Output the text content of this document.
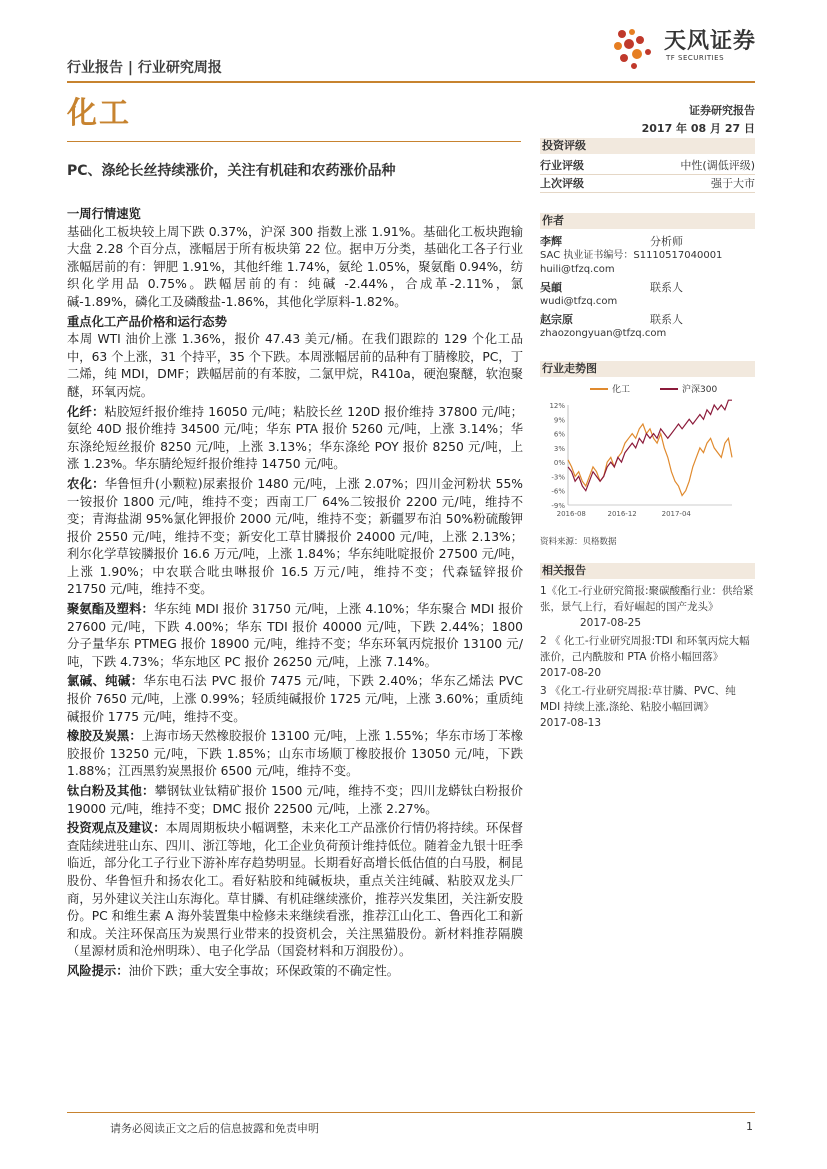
行业报告 | 行业研究周报
天风证券
TF SECURITIES
化工	证券研究报告
2017 年 08 月 27 日
PC、涤纶长丝持续涨价，关注有机硅和农药涨价品种
一周行情速览

基础化工板块较上周下跌 0.37%，沪深 300 指数上涨 1.91%。基础化工板块跑输大盘 2.28 个百分点，涨幅居于所有板块第 22 位。据申万分类，基础化工各子行业涨幅居前的有：钾肥 1.91%，其他纤维 1.74%，氨纶 1.05%，聚氨酯 0.94%，纺织化学用品 0.75%。跌幅居前的有：纯碱 -2.44%，合成革-2.11%，氯碱-1.89%，磷化工及磷酸盐-1.86%，其他化学原料-1.82%。

重点化工产品价格和运行态势

本周 WTI 油价上涨 1.36%，报价 47.43 美元/桶。在我们跟踪的 129 个化工品中，63 个上涨，31 个持平，35 个下跌。本周涨幅居前的品种有丁腈橡胶，PC，丁二烯，纯 MDI，DMF；跌幅居前的有苯胺，二氯甲烷，R410a，硬泡聚醚，软泡聚醚，环氧丙烷。

化纤：粘胶短纤报价维持 16050 元/吨；粘胶长丝 120D 报价维持 37800 元/吨；氨纶 40D 报价维持 34500 元/吨；华东 PTA 报价 5260 元/吨，上涨 3.14%；华东涤纶短丝报价 8250 元/吨，上涨 3.13%；华东涤纶 POY 报价 8250 元/吨，上涨 1.23%。华东腈纶短纤报价维持 14750 元/吨。

农化：华鲁恒升(小颗粒)尿素报价 1480 元/吨，上涨 2.07%；四川金河粉状 55%一铵报价 1800 元/吨，维持不变；西南工厂 64%二铵报价 2200 元/吨，维持不变；青海盐湖 95%氯化钾报价 2000 元/吨，维持不变；新疆罗布泊 50%粉硫酸钾报价 2550 元/吨，维持不变；新安化工草甘膦报价 24000 元/吨，上涨 2.13%；利尔化学草铵膦报价 16.6 万元/吨，上涨 1.84%；华东纯吡啶报价 27500 元/吨，上涨 1.90%；中农联合吡虫啉报价 16.5 万元/吨，维持不变；代森锰锌报价 21750 元/吨，维持不变。

聚氨酯及塑料：华东纯 MDI 报价 31750 元/吨，上涨 4.10%；华东聚合 MDI 报价 27600 元/吨，下跌 4.00%；华东 TDI 报价 40000 元/吨，下跌 2.44%；1800 分子量华东 PTMEG 报价 18900 元/吨，维持不变；华东环氧丙烷报价 13100 元/吨，下跌 4.73%；华东地区 PC 报价 26250 元/吨，上涨 7.14%。

氯碱、纯碱：华东电石法 PVC 报价 7475 元/吨，下跌 2.40%；华东乙烯法 PVC 报价 7650 元/吨，上涨 0.99%；轻质纯碱报价 1725 元/吨，上涨 3.60%；重质纯碱报价 1775 元/吨，维持不变。

橡胶及炭黑：上海市场天然橡胶报价 13100 元/吨，上涨 1.55%；华东市场丁苯橡胶报价 13250 元/吨，下跌 1.85%；山东市场顺丁橡胶报价 13050 元/吨，下跌 1.88%；江西黑豹炭黑报价 6500 元/吨，维持不变。

钛白粉及其他：攀钢钛业钛精矿报价 1500 元/吨，维持不变；四川龙蟒钛白粉报价 19000 元/吨，维持不变；DMC 报价 22500 元/吨，上涨 2.27%。

投资观点及建议：本周周期板块小幅调整，未来化工产品涨价行情仍将持续。环保督查陆续进驻山东、四川、浙江等地，化工企业负荷预计维持低位。随着金九银十旺季临近，部分化工子行业下游补库存趋势明显。长期看好高增长低估值的白马股，桐昆股份、华鲁恒升和扬农化工。看好粘胶和纯碱板块，重点关注纯碱、粘胶双龙头厂商，另外建议关注山东海化。草甘膦、有机硅继续涨价，推荐兴发集团，关注新安股份。PC 和维生素 A 海外装置集中检修未来继续看涨，推荐江山化工、鲁西化工和新和成。关注环保高压为炭黑行业带来的投资机会，关注黑猫股份。新材料推荐隔膜（星源材质和沧州明珠）、电子化学品（国瓷材料和万润股份）。

风险提示：油价下跌；重大安全事故；环保政策的不确定性。

投资评级
行业评级	中性(调低评级)
上次评级	强于大市
作者
李辉	分析师
SAC 执业证书编号：S1110517040001
huili@tfzq.com
吴頔	联系人
wudi@tfzq.com
赵宗原	联系人
zhaozongyuan@tfzq.com
行业走势图
化工	沪深300
12%
9%
6%
3%
0%
-3%
-6%
-9%
2016-08	2016-12	2017-04
资料来源：贝格数据
相关报告
1《化工-行业研究简报:聚碳酸酯行业：供给紧张，景气上行，看好崛起的国产龙头》
2017-08-25
2 《 化工-行业研究周报:TDI 和环氧丙烷大幅涨价，己内酰胺和 PTA 价格小幅回落》
2017-08-20
3 《化工-行业研究周报:草甘膦、PVC、纯 MDI 持续上涨,涤纶、粘胶小幅回调》
2017-08-13
请务必阅读正文之后的信息披露和免责申明	1
